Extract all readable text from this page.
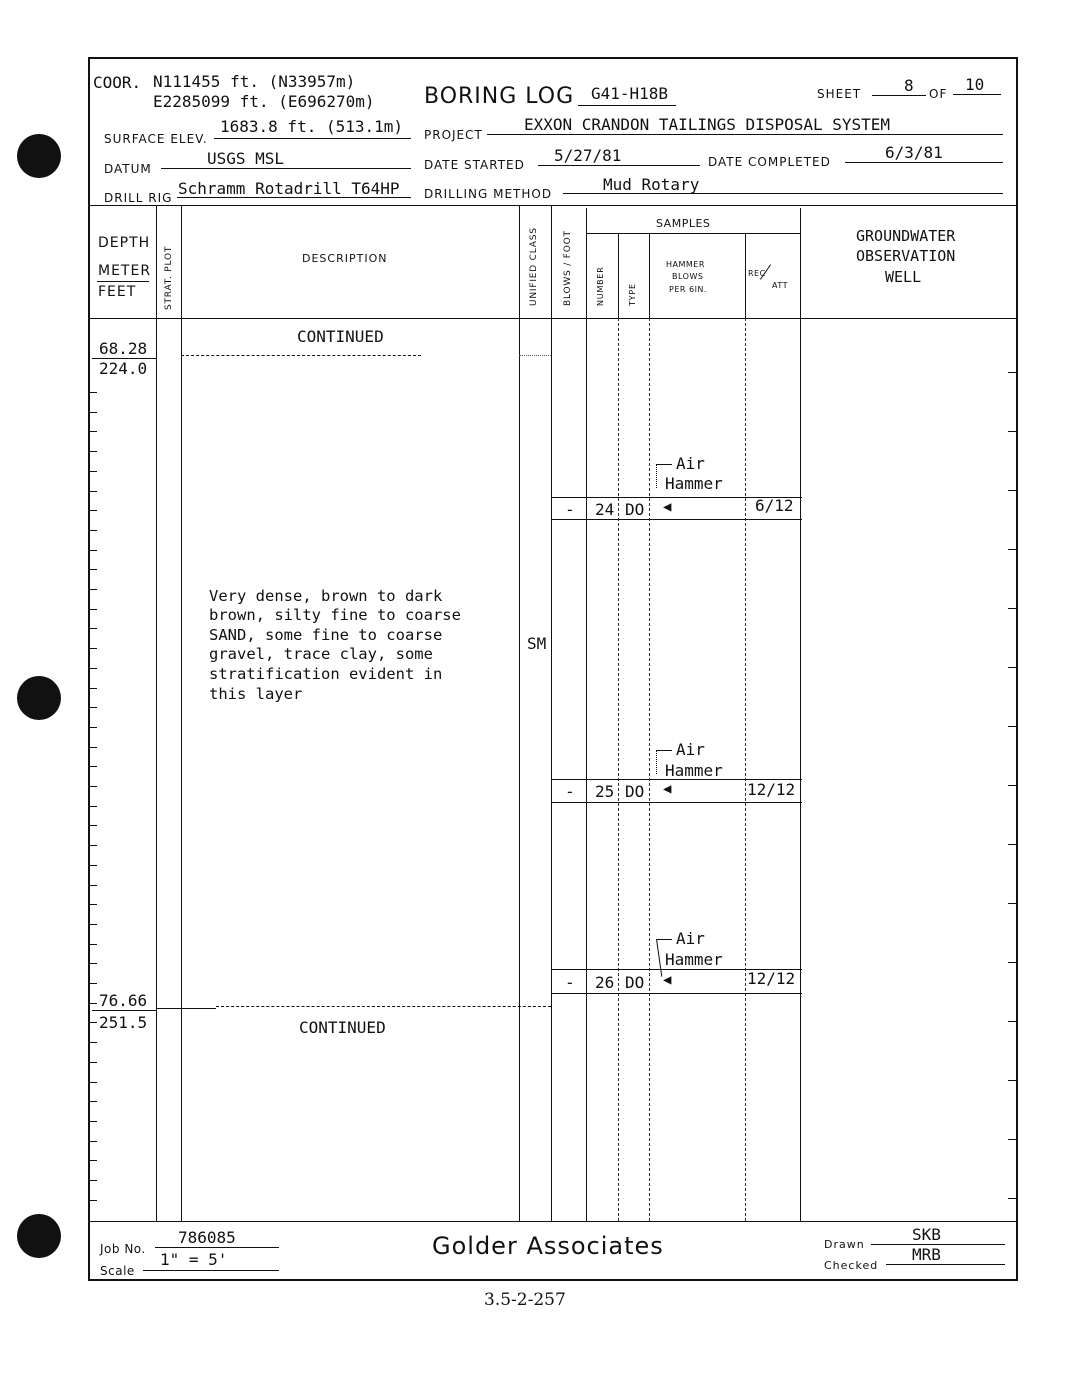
COOR. N111455 ft. (N33957m)
E2285099 ft. (E696270m) BORING LOG G41-H18B	SHEET	8 OF 10
SURFACE ELEV.
1683.8 ft. (513.1m) PROJECT
EXXON CRANDON TAILINGS DISPOSAL SYSTEM
DATUM
USGS MSL	DATE STARTED 5/27/81	DATE COMPLETED	6/3/81
DRILL RIG Schramm Rotadrill T64HP DRILLING METHOD	Mud Rotary
DEPTH
METER
FEET	STRAT. PLOT	DESCRIPTION	UNIFIED CLASS	BLOWS / FOOT
SAMPLES
NUMBER	TYPE
HAMMER
BLOWS
PER 6IN.
REC
ATT
GROUNDWATER
OBSERVATION
WELL
CONTINUED
68.28
224.0
Very dense, brown to dark
brown, silty fine to coarse
SAND, some fine to coarse
gravel, trace clay, some
stratification evident in
this layer
SM
Air
Hammer
- 24 DO ◀	6/12
Air
Hammer
- 25 DO ◀	12/12
Air
Hammer
- 26 DO ◀	12/12
76.66
251.5	CONTINUED
Job No.
786085
Scale
1" = 5'	Golder Associates	Drawn
SKB
Checked
MRB
3.5-2-257
